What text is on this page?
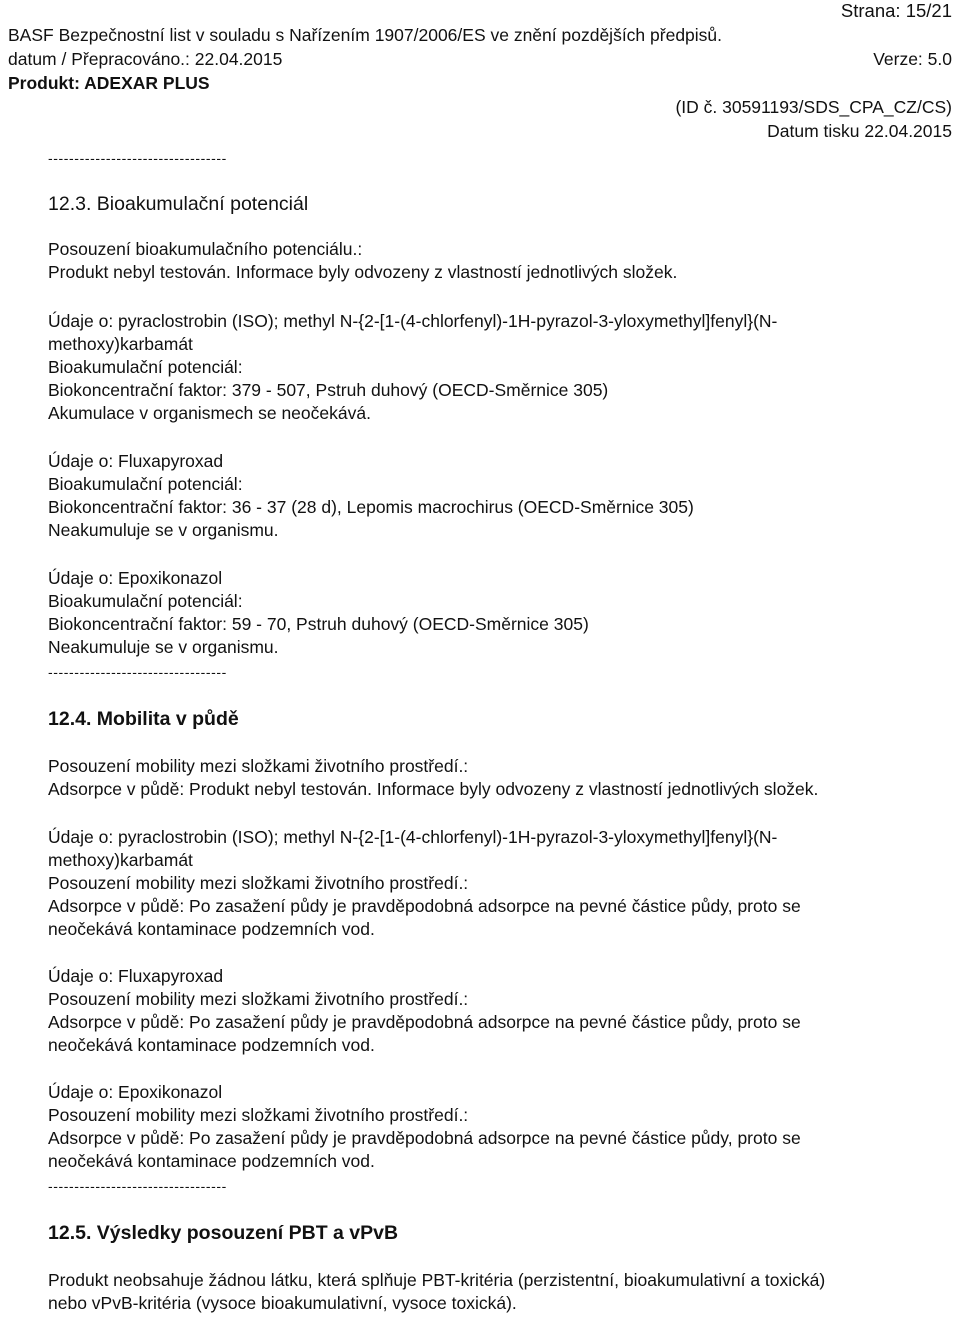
Strana: 15/21
BASF Bezpečnostní list v souladu s Nařízením 1907/2006/ES ve znění pozdějších předpisů.
datum / Přepracováno.: 22.04.2015	Verze: 5.0
Produkt: ADEXAR PLUS
(ID č. 30591193/SDS_CPA_CZ/CS)
Datum tisku 22.04.2015
----------------------------------
12.3. Bioakumulační potenciál
Posouzení bioakumulačního potenciálu.:
Produkt nebyl testován. Informace byly odvozeny z vlastností jednotlivých složek.
Údaje o: pyraclostrobin (ISO); methyl N-{2-[1-(4-chlorfenyl)-1H-pyrazol-3-yloxymethyl]fenyl}(N-
methoxy)karbamát
Bioakumulační potenciál:
Biokoncentrační faktor: 379 - 507, Pstruh duhový (OECD-Směrnice 305)
Akumulace v organismech se neočekává.
Údaje o: Fluxapyroxad
Bioakumulační potenciál:
Biokoncentrační faktor: 36 - 37 (28 d), Lepomis macrochirus (OECD-Směrnice 305)
Neakumuluje se v organismu.
Údaje o: Epoxikonazol
Bioakumulační potenciál:
Biokoncentrační faktor: 59 - 70, Pstruh duhový (OECD-Směrnice 305)
Neakumuluje se v organismu.
----------------------------------
12.4. Mobilita v půdě
Posouzení mobility mezi složkami životního prostředí.:
Adsorpce v půdě: Produkt nebyl testován. Informace byly odvozeny z vlastností jednotlivých složek.
Údaje o: pyraclostrobin (ISO); methyl N-{2-[1-(4-chlorfenyl)-1H-pyrazol-3-yloxymethyl]fenyl}(N-
methoxy)karbamát
Posouzení mobility mezi složkami životního prostředí.:
Adsorpce v půdě: Po zasažení půdy je pravděpodobná adsorpce na pevné částice půdy, proto se
neočekává kontaminace podzemních vod.
Údaje o: Fluxapyroxad
Posouzení mobility mezi složkami životního prostředí.:
Adsorpce v půdě: Po zasažení půdy je pravděpodobná adsorpce na pevné částice půdy, proto se
neočekává kontaminace podzemních vod.
Údaje o: Epoxikonazol
Posouzení mobility mezi složkami životního prostředí.:
Adsorpce v půdě: Po zasažení půdy je pravděpodobná adsorpce na pevné částice půdy, proto se
neočekává kontaminace podzemních vod.
----------------------------------
12.5. Výsledky posouzení PBT a vPvB
Produkt neobsahuje žádnou látku, která splňuje PBT-kritéria (perzistentní, bioakumulativní a toxická)
nebo vPvB-kritéria (vysoce bioakumulativní, vysoce toxická).
